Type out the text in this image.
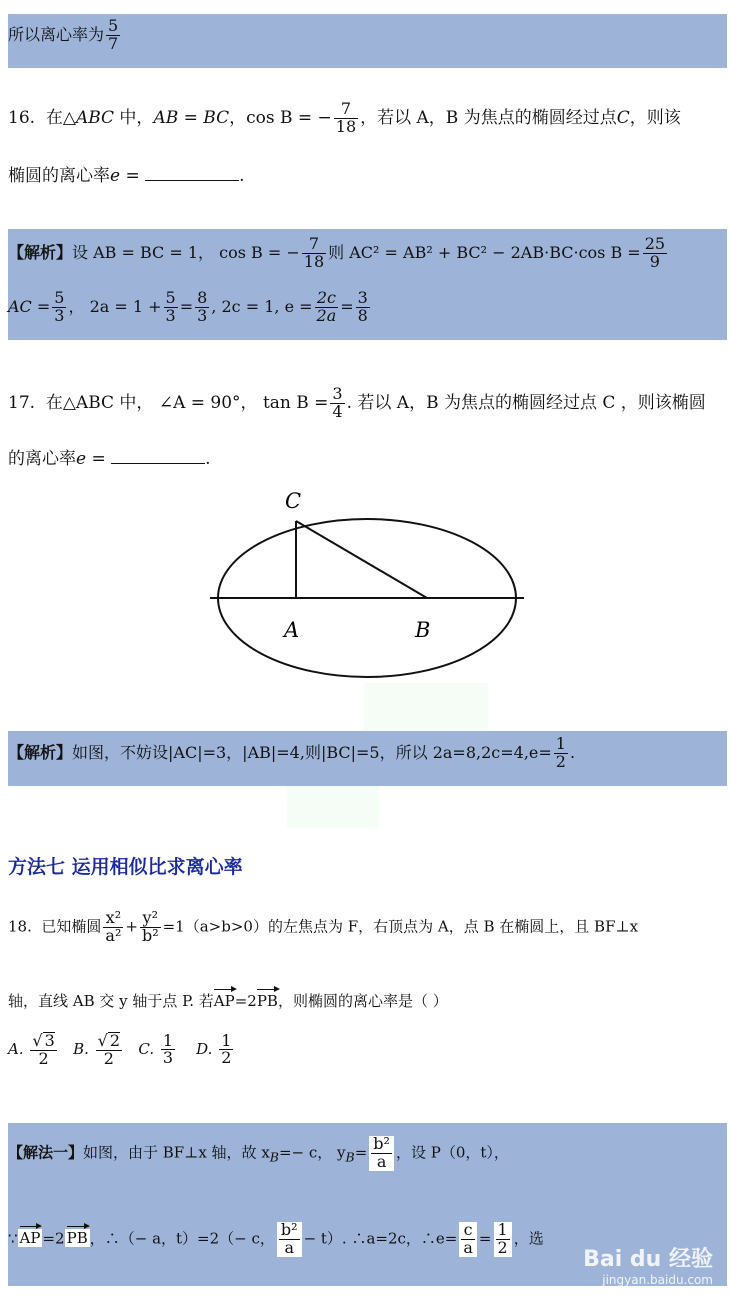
所以离心率为 $\frac{5}{7}$
16. 在△ABC 中，AB = BC，cos B = − $\frac{7}{18}$ ，若以 A，B 为焦点的椭圆经过点C，则该
椭圆的离心率e =	.
【解析】设 AB = BC = 1， cos B = − $\frac{7}{18}$ 则 AC² = AB² + BC² − 2AB·BC·cos $B = \frac{25}{9}$
AC = $\frac{5}{3}$ ， $2a = 1 + \frac{5}{3} = \frac{8}{3}$ , 2c = 1, $e = \frac{2c}{2a} = \frac{3}{8}$
17. 在△ABC 中， ∠A = 90°， $\tan B = \frac{3}{4}$ . 若以 A，B 为焦点的椭圆经过点 C ，则该椭圆
的离心率e =	.
C
A	B
【解析】如图，不妨设|AC|=3，|AB|=4,则|BC|=5，所以 $2a=8,2c=4,e= \frac{1}{2}$ .
方法七 运用相似比求离心率
18. 已知椭圆 $\frac{\text{x²}}{\text{a²}} + \frac{\text{y²}}{\text{b²}} =1(a>b>0)$的左焦点为 F，右顶点为 A，点 B 在椭圆上，且 BF⊥x
轴，直线 AB 交 y 轴于点 P. 若AP=2PB，则椭圆的离心率是（ ）
A. $\frac{√ 3}{2} B$. $\frac{√ 2}{2} C$. $\frac{1}{3} D$. $\frac{1}{2}$
【解法一】如图，由于 BF⊥x 轴，故 $x_B=- c$， $y_B= \frac{\text{b²}}{a}$ ，设 P（0，t），
∵ AP =2 PB ，∴（− a，t）=2（− c， $\frac{\text{b²}}{a} - t$）. ∴a=2c，∴e= $\frac{c}{a} = \frac{1}{2}$ ，选
Bai du 经验
jingyan.baidu.com
